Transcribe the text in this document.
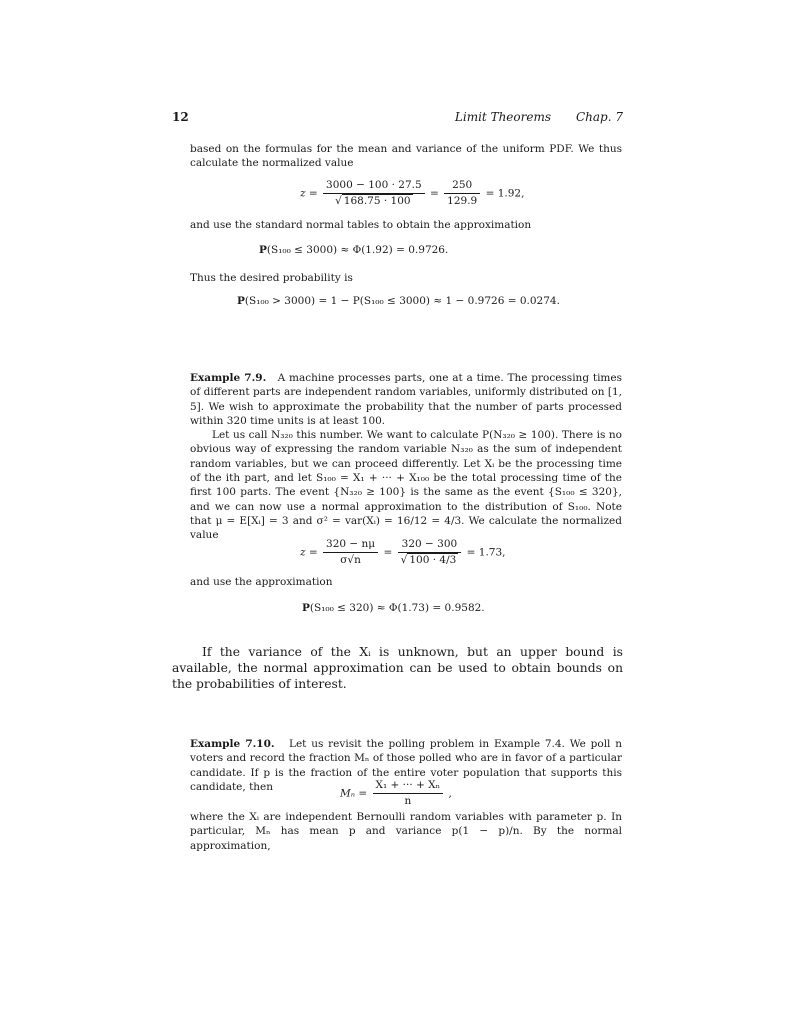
12	Limit Theorems Chap. 7

based on the formulas for the mean and variance of the uniform PDF. We thus calculate the normalized value

$z = \frac{3000 - 100 \cdot 27.5}{√ 168.75 \cdot 100} = \frac{250}{129.9} = 1.92$,

and use the standard normal tables to obtain the approximation

P(S₁₀₀ ≤ 3000) ≈ Φ(1.92) = 0.9726.

Thus the desired probability is

P(S₁₀₀ > 3000) = 1 − P(S₁₀₀ ≤ 3000) ≈ 1 − 0.9726 = 0.0274.

Example 7.9. A machine processes parts, one at a time. The processing times of different parts are independent random variables, uniformly distributed on [1, 5]. We wish to approximate the probability that the number of parts processed within 320 time units is at least 100.

Let us call N₃₂₀ this number. We want to calculate P(N₃₂₀ ≥ 100). There is no obvious way of expressing the random variable N₃₂₀ as the sum of independent random variables, but we can proceed differently. Let Xᵢ be the processing time of the ith part, and let S₁₀₀ = X₁ + ··· + X₁₀₀ be the total processing time of the first 100 parts. The event {N₃₂₀ ≥ 100} is the same as the event {S₁₀₀ ≤ 320}, and we can now use a normal approximation to the distribution of S₁₀₀. Note that μ = E[Xᵢ] = 3 and σ² = var(Xᵢ) = 16/12 = 4/3. We calculate the normalized value

$z = \frac{320 - n\mu}{\sigma√n} = \frac{320 - 300}{√ 100 \cdot 4/3} = 1.73$,

and use the approximation

P(S₁₀₀ ≤ 320) ≈ Φ(1.73) = 0.9582.
If the variance of the Xᵢ is unknown, but an upper bound is available, the normal approximation can be used to obtain bounds on the probabilities of interest.

Example 7.10. Let us revisit the polling problem in Example 7.4. We poll n voters and record the fraction Mₙ of those polled who are in favor of a particular candidate. If p is the fraction of the entire voter population that supports this candidate, then

$M_n = \frac{\text{X₁ + ··· + Xₙ}}{n}$ ,

where the Xᵢ are independent Bernoulli random variables with parameter p. In particular, Mₙ has mean p and variance p(1 − p)/n. By the normal approximation,
